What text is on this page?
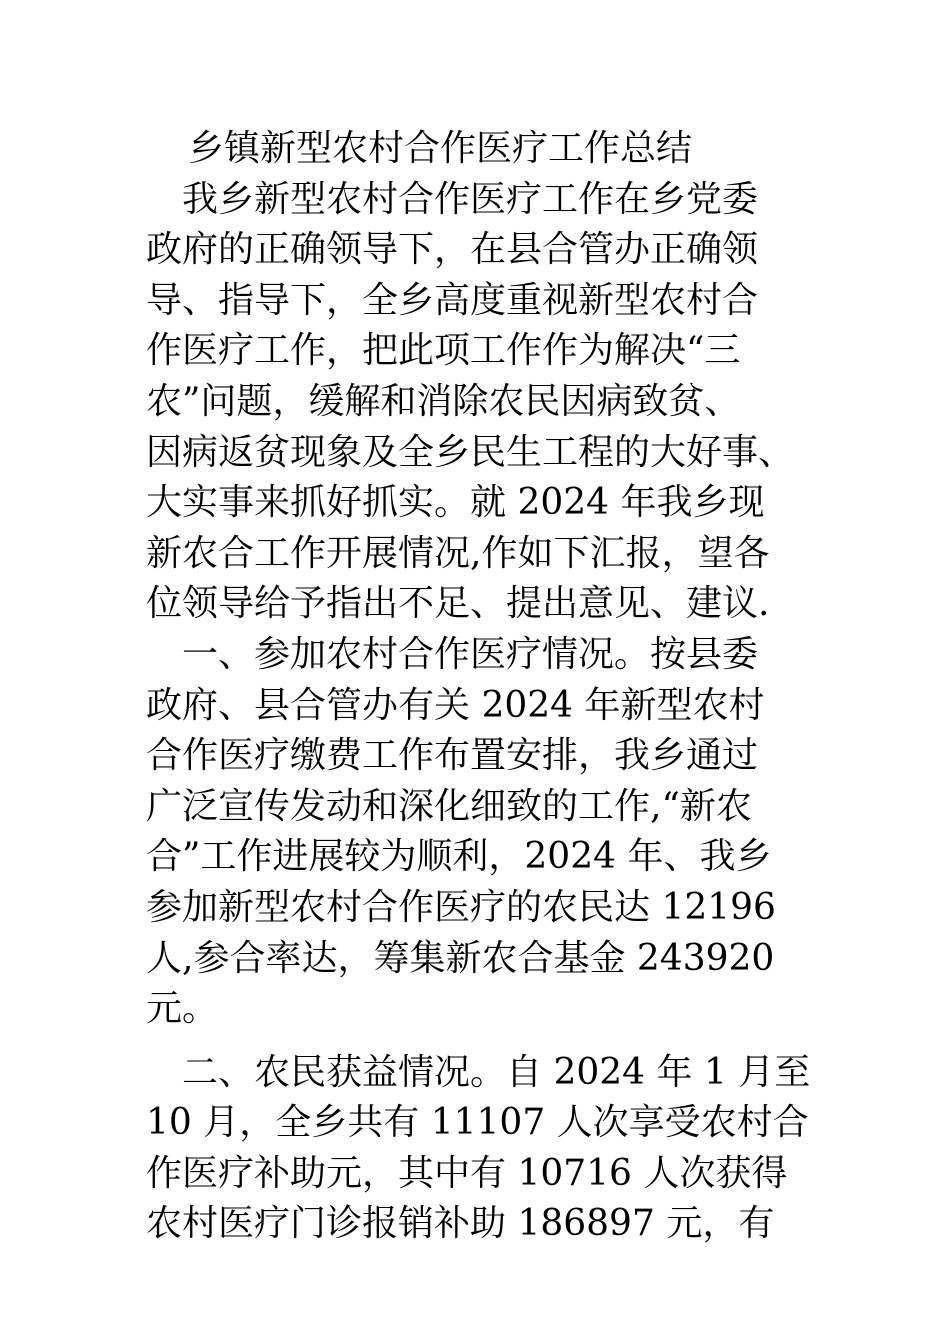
乡镇新型农村合作医疗工作总结
　我乡新型农村合作医疗工作在乡党委
政府的正确领导下，在县合管办正确领
导、指导下，全乡高度重视新型农村合
作医疗工作，把此项工作作为解决“三
农”问题，缓解和消除农民因病致贫、
因病返贫现象及全乡民生工程的大好事、
大实事来抓好抓实。就 2024 年我乡现
新农合工作开展情况,作如下汇报，望各
位领导给予指出不足、提出意见、建议.
　一、参加农村合作医疗情况。按县委
政府、县合管办有关 2024 年新型农村
合作医疗缴费工作布置安排，我乡通过
广泛宣传发动和深化细致的工作,“新农
合”工作进展较为顺利，2024 年、我乡
参加新型农村合作医疗的农民达 12196
人,参合率达，筹集新农合基金 243920
元。
　二、农民获益情况。自 2024 年 1 月至
10 月，全乡共有 11107 人次享受农村合
作医疗补助元，其中有 10716 人次获得
农村医疗门诊报销补助 186897 元，有
